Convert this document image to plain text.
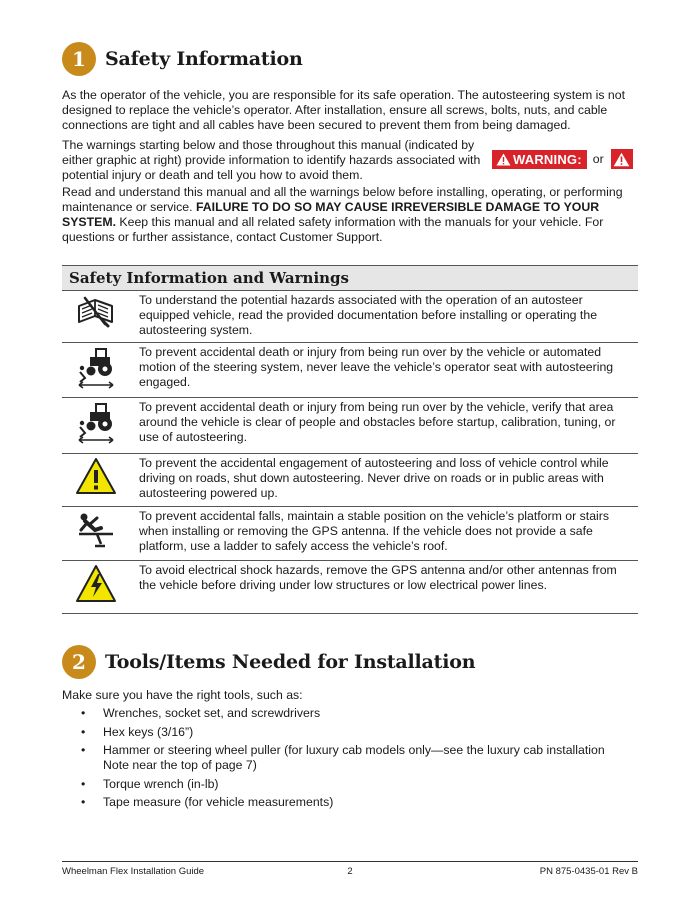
1	Safety Information

As the operator of the vehicle, you are responsible for its safe operation. The autosteering system is not designed to replace the vehicle’s operator. After installation, ensure all screws, bolts, nuts, and cable connections are tight and all cables have been secured to prevent them from being damaged.

The warnings starting below and those throughout this manual (indicated by either graphic at right) provide information to identify hazards associated with potential injury or death and tell you how to avoid them.

WARNING: or

Read and understand this manual and all the warnings below before installing, operating, or performing maintenance or service. FAILURE TO DO SO MAY CAUSE IRREVERSIBLE DAMAGE TO YOUR SYSTEM. Keep this manual and all related safety information with the manuals for your vehicle. For questions or further assistance, contact Customer Support.

Safety Information and Warnings
To understand the potential hazards associated with the operation of an autosteer equipped vehicle, read the provided documentation before installing or operating the autosteering system.
To prevent accidental death or injury from being run over by the vehicle or automated motion of the steering system, never leave the vehicle’s operator seat with autosteering engaged.
To prevent accidental death or injury from being run over by the vehicle, verify that area around the vehicle is clear of people and obstacles before startup, calibration, tuning, or use of autosteering.
To prevent the accidental engagement of autosteering and loss of vehicle control while driving on roads, shut down autosteering. Never drive on roads or in public areas with autosteering powered up.
To prevent accidental falls, maintain a stable position on the vehicle’s platform or stairs when installing or removing the GPS antenna. If the vehicle does not provide a safe platform, use a ladder to safely access the vehicle’s roof.
To avoid electrical shock hazards, remove the GPS antenna and/or other antennas from the vehicle before driving under low structures or low electrical power lines.
2	Tools/Items Needed for Installation

Make sure you have the right tools, such as:

• Wrenches, socket set, and screwdrivers
• Hex keys (3/16”)
• Hammer or steering wheel puller (for luxury cab models only—see the luxury cab installation Note near the top of page 7)
• Torque wrench (in-lb)
• Tape measure (for vehicle measurements)
Wheelman Flex Installation Guide	2	PN 875-0435-01 Rev B
